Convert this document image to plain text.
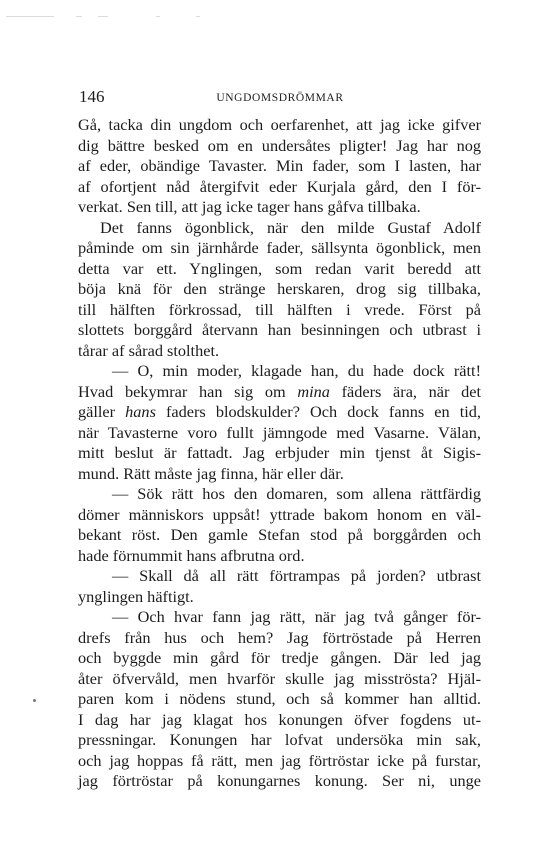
146	UNGDOMSDRÖMMAR
Gå, tacka din ungdom och oerfarenhet, att jag icke gifver
dig bättre besked om en undersåtes pligter! Jag har nog
af eder, obändige Tavaster. Min fader, som I lasten, har
af ofortjent nåd återgifvit eder Kurjala gård, den I för-
verkat. Sen till, att jag icke tager hans gåfva tillbaka.
Det fanns ögonblick, när den milde Gustaf Adolf
påminde om sin järnhårde fader, sällsynta ögonblick, men
detta var ett. Ynglingen, som redan varit beredd att
böja knä för den stränge herskaren, drog sig tillbaka,
till hälften förkrossad, till hälften i vrede. Först på
slottets borggård återvann han besinningen och utbrast i
tårar af sårad stolthet.
— O, min moder, klagade han, du hade dock rätt!
Hvad bekymrar han sig om mina fäders ära, när det
gäller hans faders blodskulder? Och dock fanns en tid,
när Tavasterne voro fullt jämngode med Vasarne. Välan,
mitt beslut är fattadt. Jag erbjuder min tjenst åt Sigis-
mund. Rätt måste jag finna, här eller där.
— Sök rätt hos den domaren, som allena rättfärdig
dömer människors uppsåt! yttrade bakom honom en väl-
bekant röst. Den gamle Stefan stod på borggården och
hade förnummit hans afbrutna ord.
— Skall då all rätt förtrampas på jorden? utbrast
ynglingen häftigt.
— Och hvar fann jag rätt, när jag två gånger för-
drefs från hus och hem? Jag förtröstade på Herren
och byggde min gård för tredje gången. Där led jag
åter öfvervåld, men hvarför skulle jag misströsta? Hjäl-
paren kom i nödens stund, och så kommer han alltid.
I dag har jag klagat hos konungen öfver fogdens ut-
pressningar. Konungen har lofvat undersöka min sak,
och jag hoppas få rätt, men jag förtröstar icke på furstar,
jag förtröstar på konungarnes konung. Ser ni, unge
